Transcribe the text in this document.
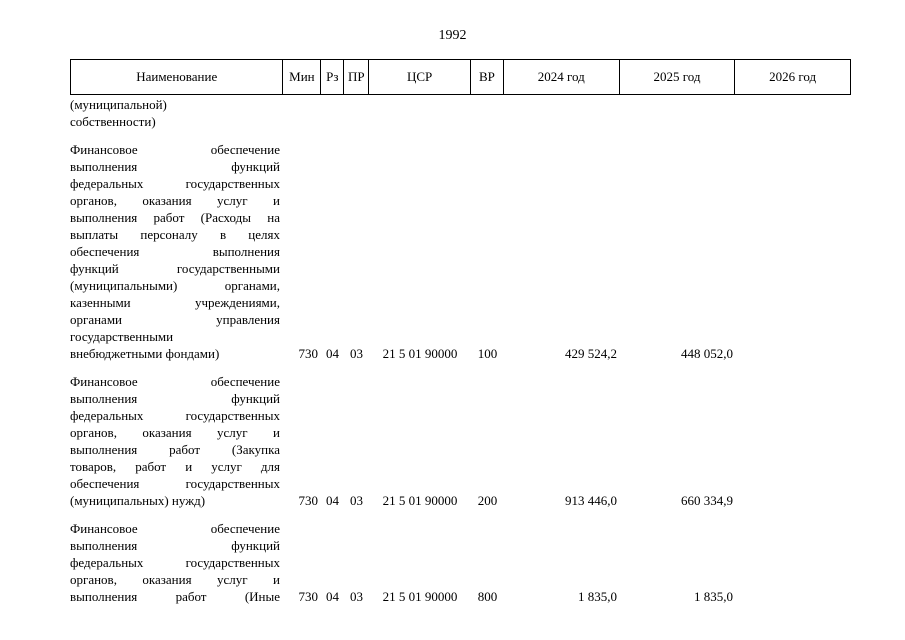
1992
Наименование	Мин Рз ПР	ЦСР	ВР	2024 год	2025 год	2026 год
(муниципальной)
собственности)
Финансовое обеспечение
выполнения функций
федеральных государственных
органов, оказания услуг и
выполнения работ (Расходы на
выплаты персоналу в целях
обеспечения выполнения
функций государственными
(муниципальными) органами,
казенными учреждениями,
органами управления
государственными
внебюджетными фондами)	730 04 03	21 5 01 90000	100	429 524,2	448 052,0
Финансовое обеспечение
выполнения функций
федеральных государственных
органов, оказания услуг и
выполнения работ (Закупка
товаров, работ и услуг для
обеспечения государственных
(муниципальных) нужд)	730 04 03	21 5 01 90000	200	913 446,0	660 334,9
Финансовое обеспечение
выполнения функций
федеральных государственных
органов, оказания услуг и
выполнения работ (Иные	730 04 03	21 5 01 90000	800	1 835,0	1 835,0
